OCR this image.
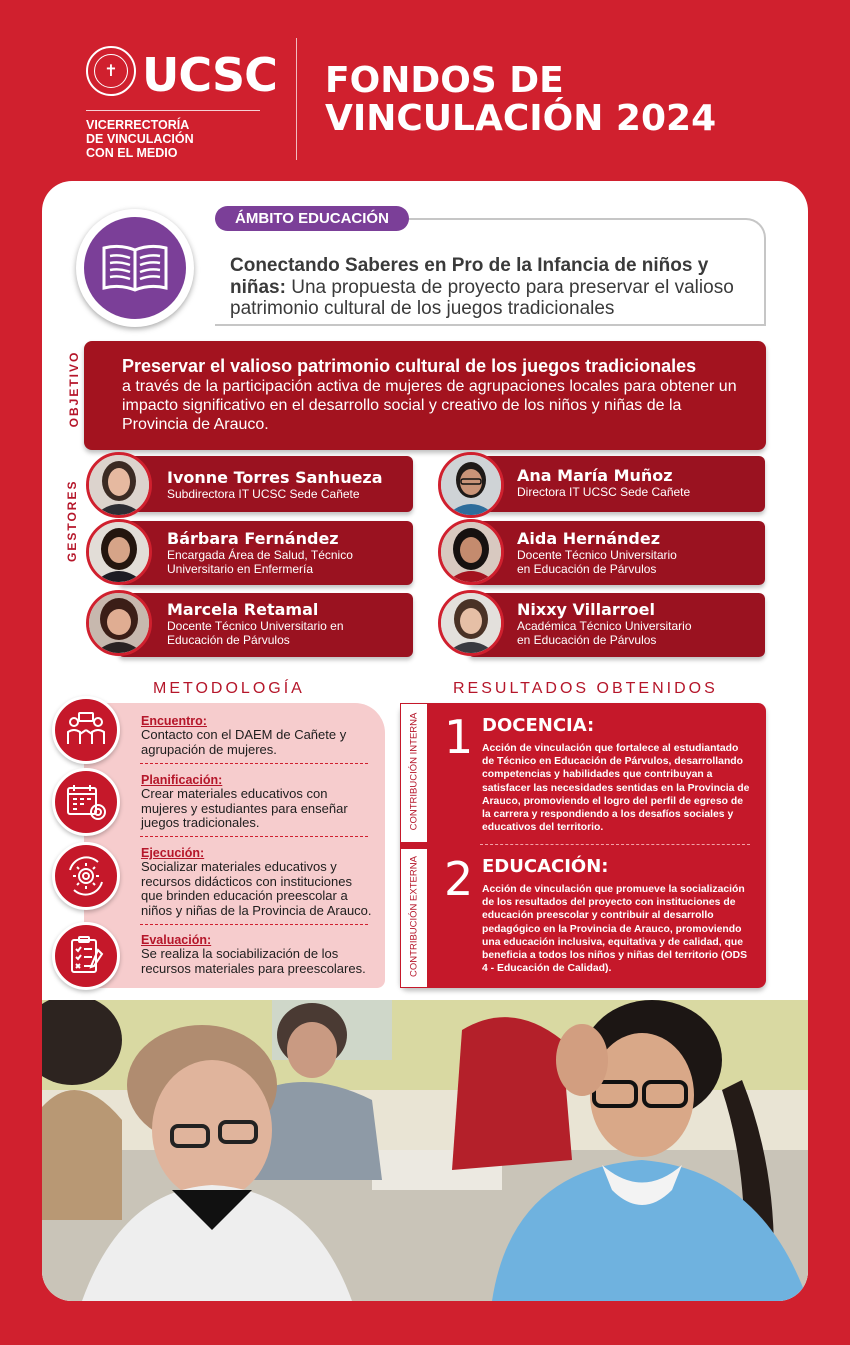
✝ UCSC
VICERRECTORÍA
DE VINCULACIÓN
CON EL MEDIO
FONDOS DE
VINCULACIÓN 2024
ÁMBITO EDUCACIÓN
Conectando Saberes en Pro de la Infancia de niños y niñas: Una propuesta de proyecto para preservar el valioso patrimonio cultural de los juegos tradicionales
OBJETIVO Preservar el valioso patrimonio cultural de los juegos tradicionales
a través de la participación activa de mujeres de agrupaciones locales para obtener un impacto significativo en el desarrollo social y creativo de los niños y niñas de la Provincia de Arauco.
GESTORES
Ivonne Torres Sanhueza
Subdirectora IT UCSC Sede Cañete
Ana María Muñoz
Directora IT UCSC Sede Cañete
Bárbara Fernández
Encargada Área de Salud, Técnico
Universitario en Enfermería
Aida Hernández
Docente Técnico Universitario
en Educación de Párvulos
Marcela Retamal
Docente Técnico Universitario en
Educación de Párvulos
Nixxy Villarroel
Académica Técnico Universitario
en Educación de Párvulos
METODOLOGÍA
Encuentro:
Contacto con el DAEM de Cañete y
agrupación de mujeres.
Planificación:
Crear materiales educativos con
mujeres y estudiantes para enseñar
juegos tradicionales.
Ejecución:
Socializar materiales educativos y
recursos didácticos con instituciones
que brinden educación preescolar a
niños y niñas de la Provincia de Arauco.
Evaluación:
Se realiza la sociabilización de los
recursos materiales para preescolares.
RESULTADOS OBTENIDOS
CONTRIBUCIÓN INTERNA
CONTRIBUCIÓN EXTERNA
1 DOCENCIA:
Acción de vinculación que fortalece al estudiantado
de Técnico en Educación de Párvulos, desarrollando
competencias y habilidades que contribuyan a
satisfacer las necesidades sentidas en la Provincia de
Arauco, promoviendo el logro del perfil de egreso de
la carrera y respondiendo a los desafíos sociales y
educativos del territorio.
2 EDUCACIÓN:
Acción de vinculación que promueve la socialización
de los resultados del proyecto con instituciones de
educación preescolar y contribuir al desarrollo
pedagógico en la Provincia de Arauco, promoviendo
una educación inclusiva, equitativa y de calidad, que
beneficia a todos los niños y niñas del territorio (ODS
4 - Educación de Calidad).
